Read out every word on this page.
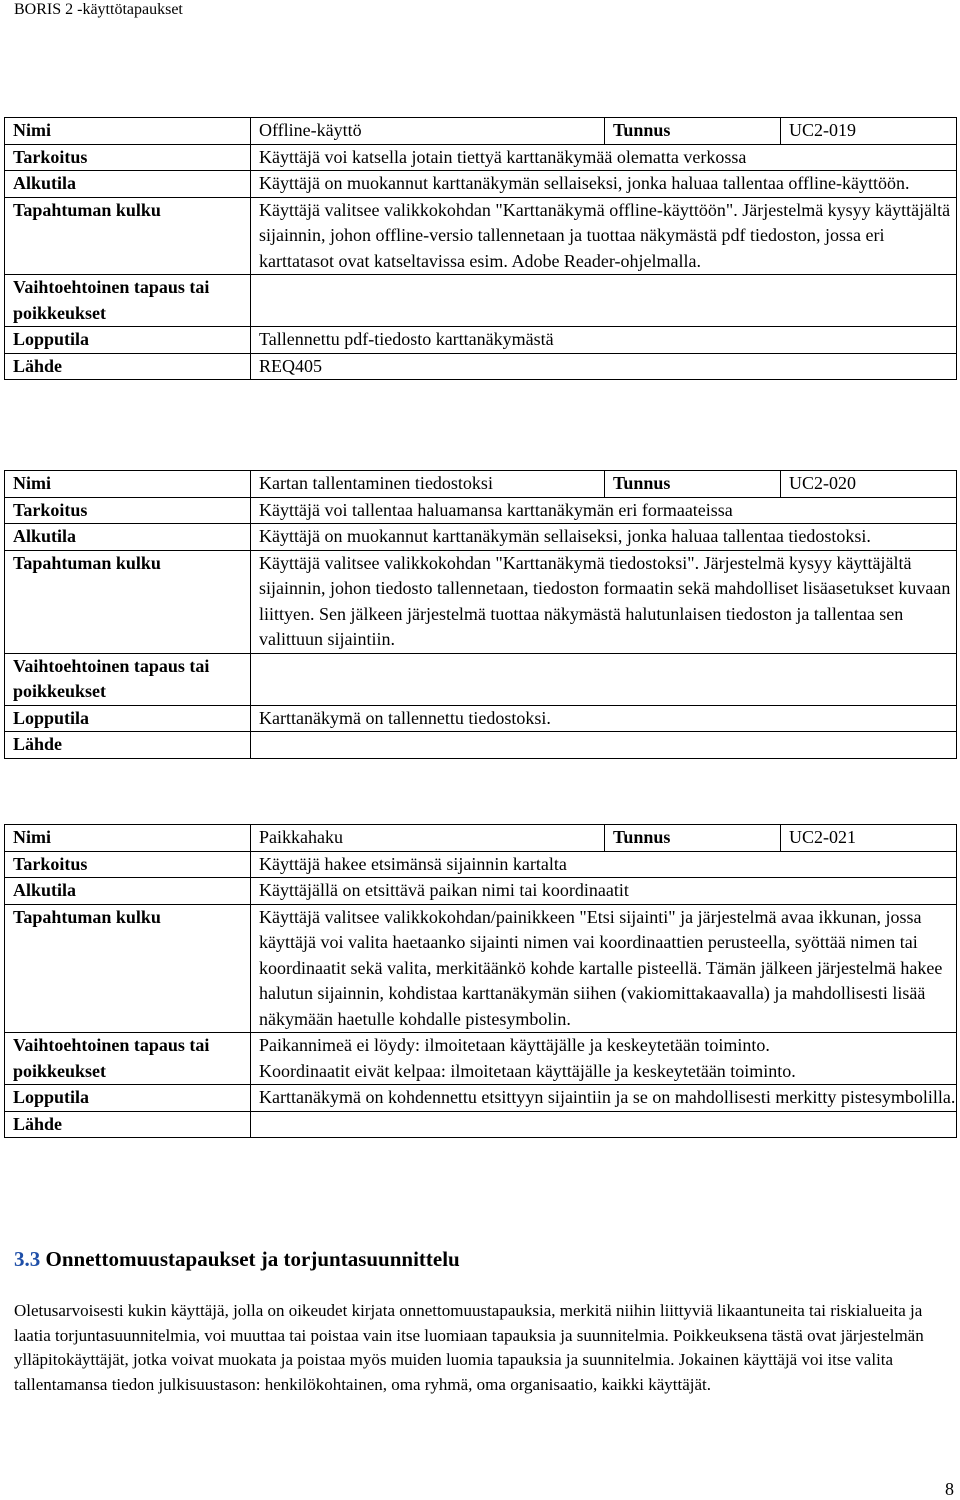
BORIS 2 -käyttötapaukset
Nimi	Offline-käyttö	Tunnus	UC2-019
Tarkoitus	Käyttäjä voi katsella jotain tiettyä karttanäkymää olematta verkossa		
Alkutila	Käyttäjä on muokannut karttanäkymän sellaiseksi, jonka haluaa tallentaa offline-käyttöön.		
Tapahtuman kulku	Käyttäjä valitsee valikkokohdan "Karttanäkymä offline-käyttöön". Järjestelmä kysyy käyttäjältä sijainnin, johon offline-versio tallennetaan ja tuottaa näkymästä pdf tiedoston, jossa eri karttatasot ovat katseltavissa esim. Adobe Reader-ohjelmalla.		
Vaihtoehtoinen tapaus tai poikkeukset			
Lopputila	Tallennettu pdf-tiedosto karttanäkymästä		
Lähde	REQ405		
Nimi	Kartan tallentaminen tiedostoksi	Tunnus	UC2-020
Tarkoitus	Käyttäjä voi tallentaa haluamansa karttanäkymän eri formaateissa		
Alkutila	Käyttäjä on muokannut karttanäkymän sellaiseksi, jonka haluaa tallentaa tiedostoksi.		
Tapahtuman kulku	Käyttäjä valitsee valikkokohdan "Karttanäkymä tiedostoksi". Järjestelmä kysyy käyttäjältä sijainnin, johon tiedosto tallennetaan, tiedoston formaatin sekä mahdolliset lisäasetukset kuvaan liittyen. Sen jälkeen järjestelmä tuottaa näkymästä halutunlaisen tiedoston ja tallentaa sen valittuun sijaintiin.		
Vaihtoehtoinen tapaus tai poikkeukset			
Lopputila	Karttanäkymä on tallennettu tiedostoksi.		
Lähde			
Nimi	Paikkahaku	Tunnus	UC2-021
Tarkoitus	Käyttäjä hakee etsimänsä sijainnin kartalta		
Alkutila	Käyttäjällä on etsittävä paikan nimi tai koordinaatit		
Tapahtuman kulku	Käyttäjä valitsee valikkokohdan/painikkeen "Etsi sijainti" ja järjestelmä avaa ikkunan, jossa käyttäjä voi valita haetaanko sijainti nimen vai koordinaattien perusteella, syöttää nimen tai koordinaatit sekä valita, merkitäänkö kohde kartalle pisteellä. Tämän jälkeen järjestelmä hakee halutun sijainnin, kohdistaa karttanäkymän siihen (vakiomittakaavalla) ja mahdollisesti lisää näkymään haetulle kohdalle pistesymbolin.		
Vaihtoehtoinen tapaus tai poikkeukset	Paikannimeä ei löydy: ilmoitetaan käyttäjälle ja keskeytetään toiminto.
Koordinaatit eivät kelpaa: ilmoitetaan käyttäjälle ja keskeytetään toiminto.		

Lopputila	Karttanäkymä on kohdennettu etsittyyn sijaintiin ja se on mahdollisesti merkitty pistesymbolilla.		
Lähde			
3.3 Onnettomuustapaukset ja torjuntasuunnittelu
Oletusarvoisesti kukin käyttäjä, jolla on oikeudet kirjata onnettomuustapauksia, merkitä niihin liittyviä likaantuneita tai riskialueita ja laatia torjuntasuunnitelmia, voi muuttaa tai poistaa vain itse luomiaan tapauksia ja suunnitelmia. Poikkeuksena tästä ovat järjestelmän ylläpitokäyttäjät, jotka voivat muokata ja poistaa myös muiden luomia tapauksia ja suunnitelmia. Jokainen käyttäjä voi itse valita tallentamansa tiedon julkisuustason: henkilökohtainen, oma ryhmä, oma organisaatio, kaikki käyttäjät.
8
